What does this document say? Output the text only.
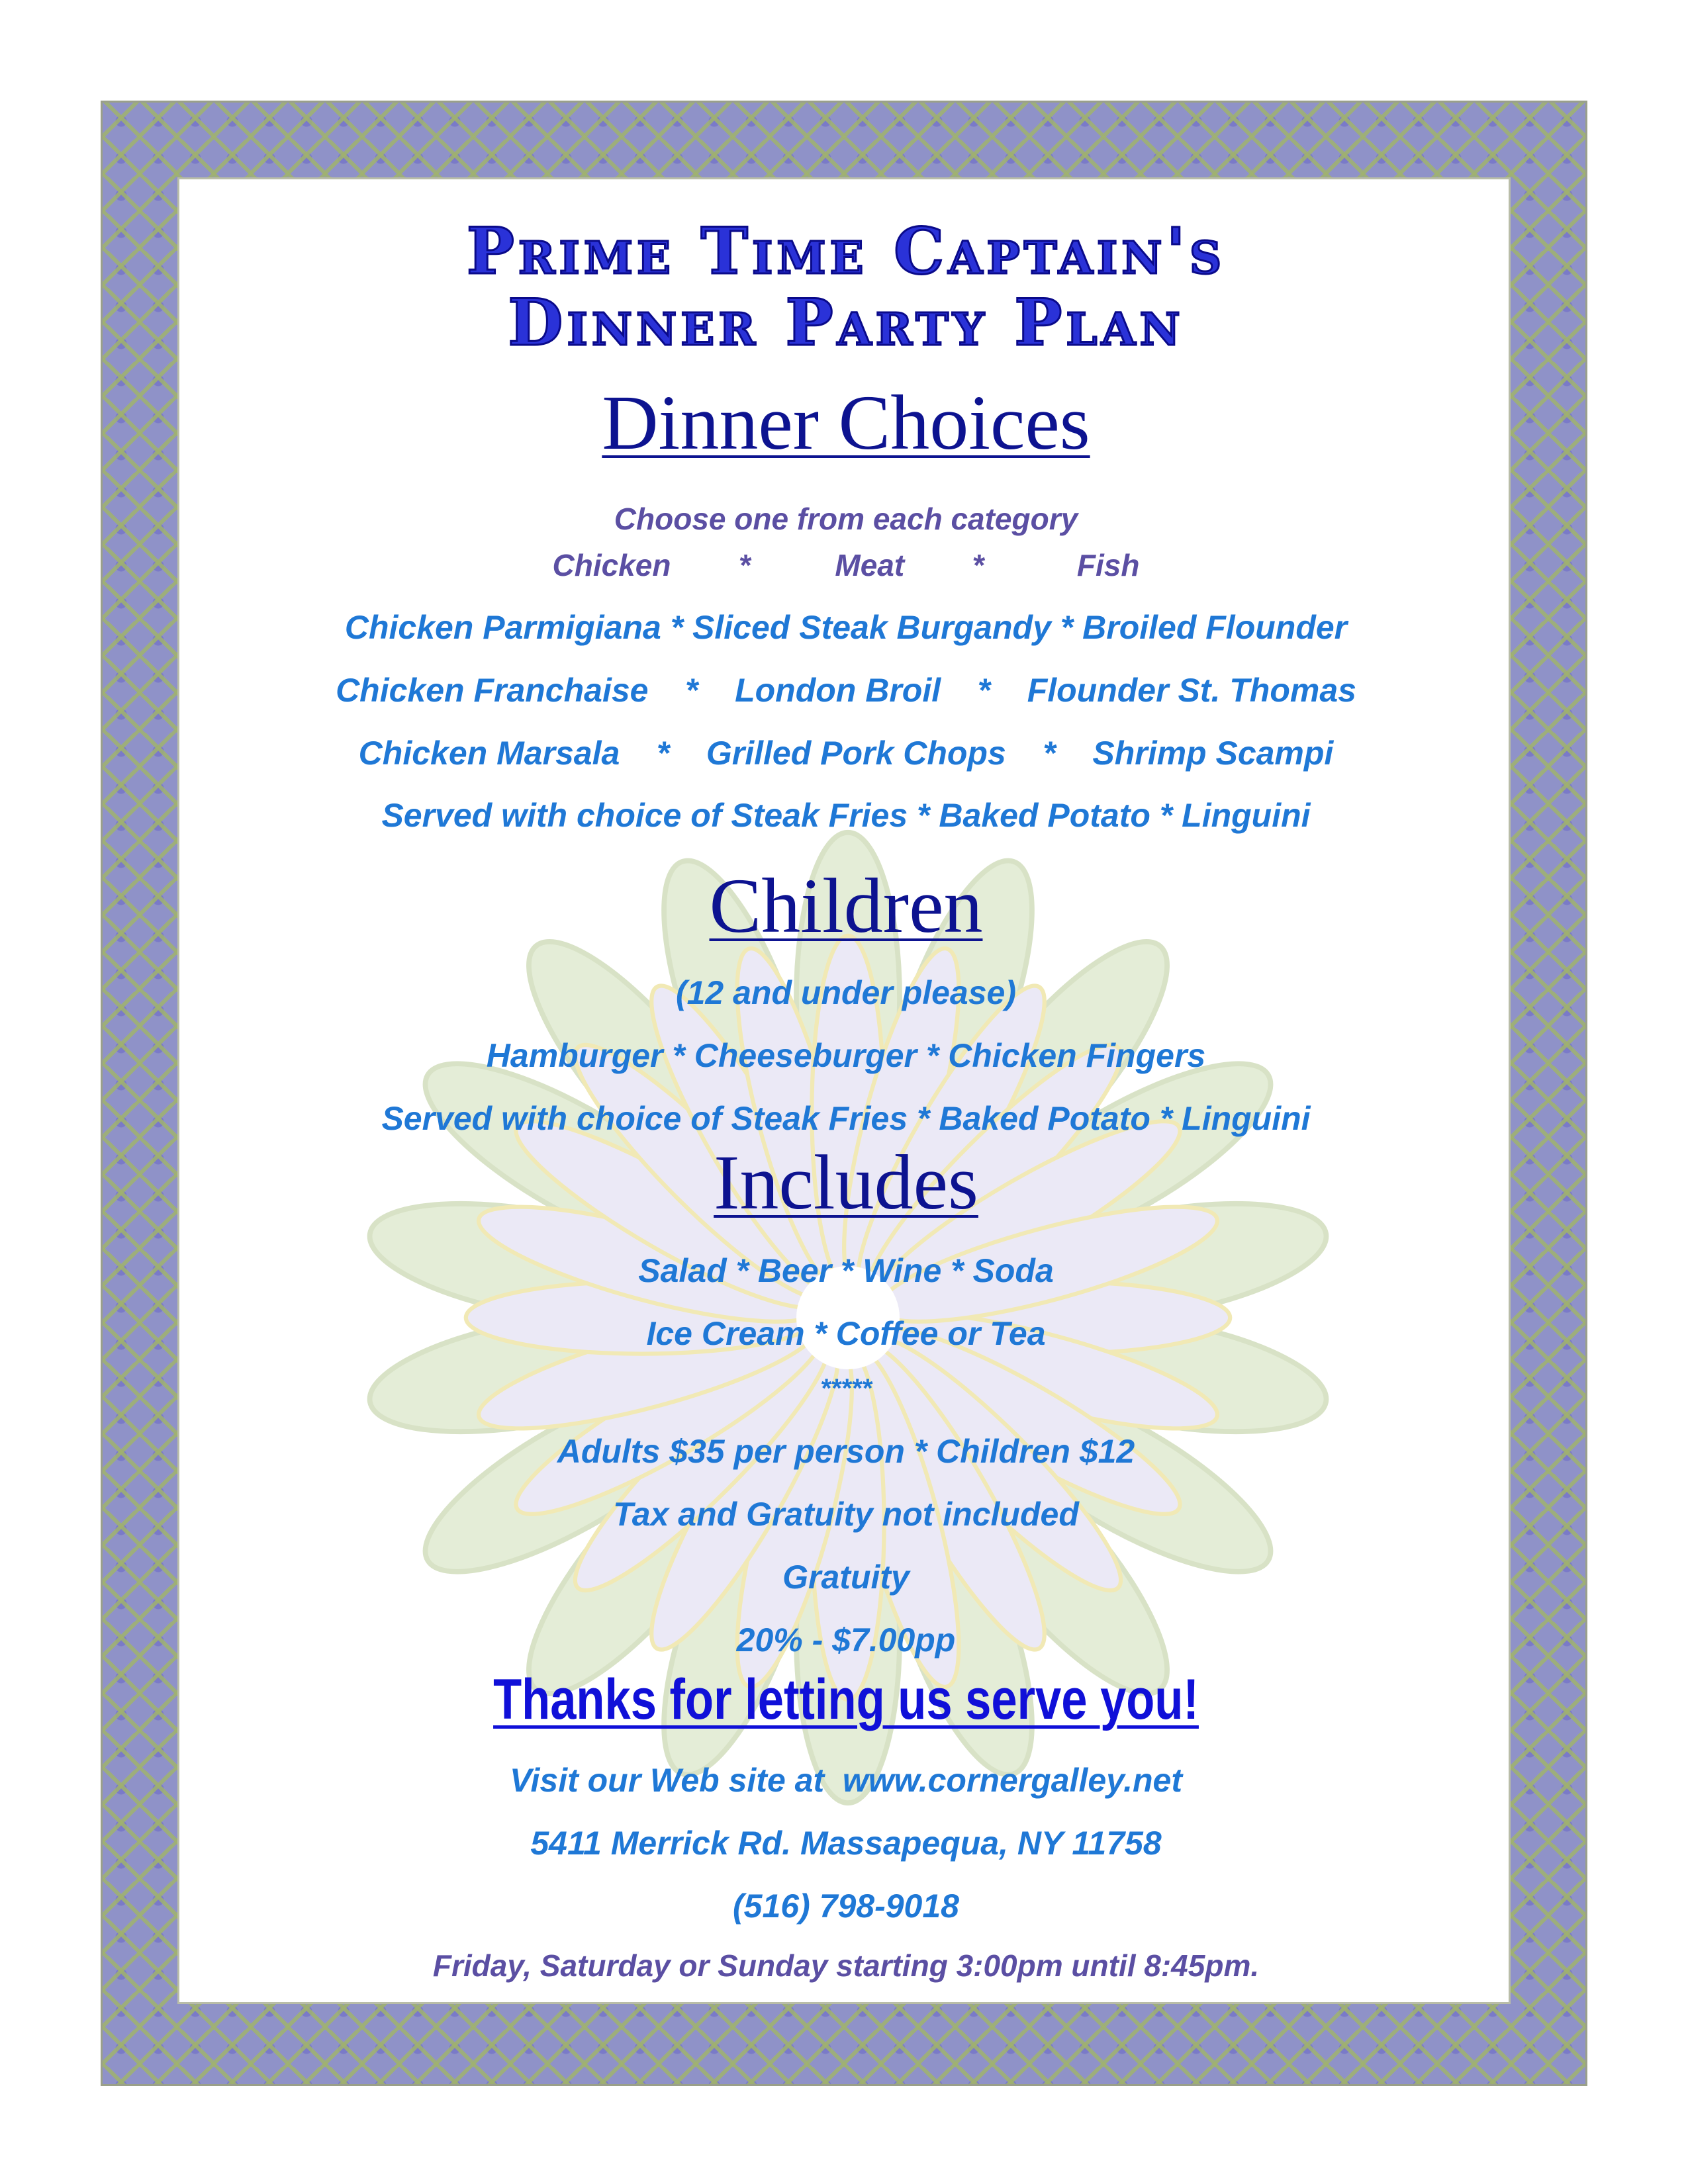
Prime Time Captain's
Dinner Party Plan
Dinner Choices
Choose one from each category
Chicken        *          Meat        *           Fish
Chicken Parmigiana * Sliced Steak Burgandy * Broiled Flounder
Chicken Franchaise    *    London Broil    *    Flounder St. Thomas
Chicken Marsala    *    Grilled Pork Chops    *    Shrimp Scampi
Served with choice of Steak Fries * Baked Potato * Linguini
Children
(12 and under please)
Hamburger * Cheeseburger * Chicken Fingers
Served with choice of Steak Fries * Baked Potato * Linguini
Includes
Salad * Beer * Wine * Soda
Ice Cream * Coffee or Tea
*****
Adults $35 per person * Children $12
Tax and Gratuity not included
Gratuity
20% - $7.00pp
Thanks for letting us serve you!
Visit our Web site at  www.cornergalley.net
5411 Merrick Rd. Massapequa, NY 11758
(516) 798-9018
Friday, Saturday or Sunday starting 3:00pm until 8:45pm.
